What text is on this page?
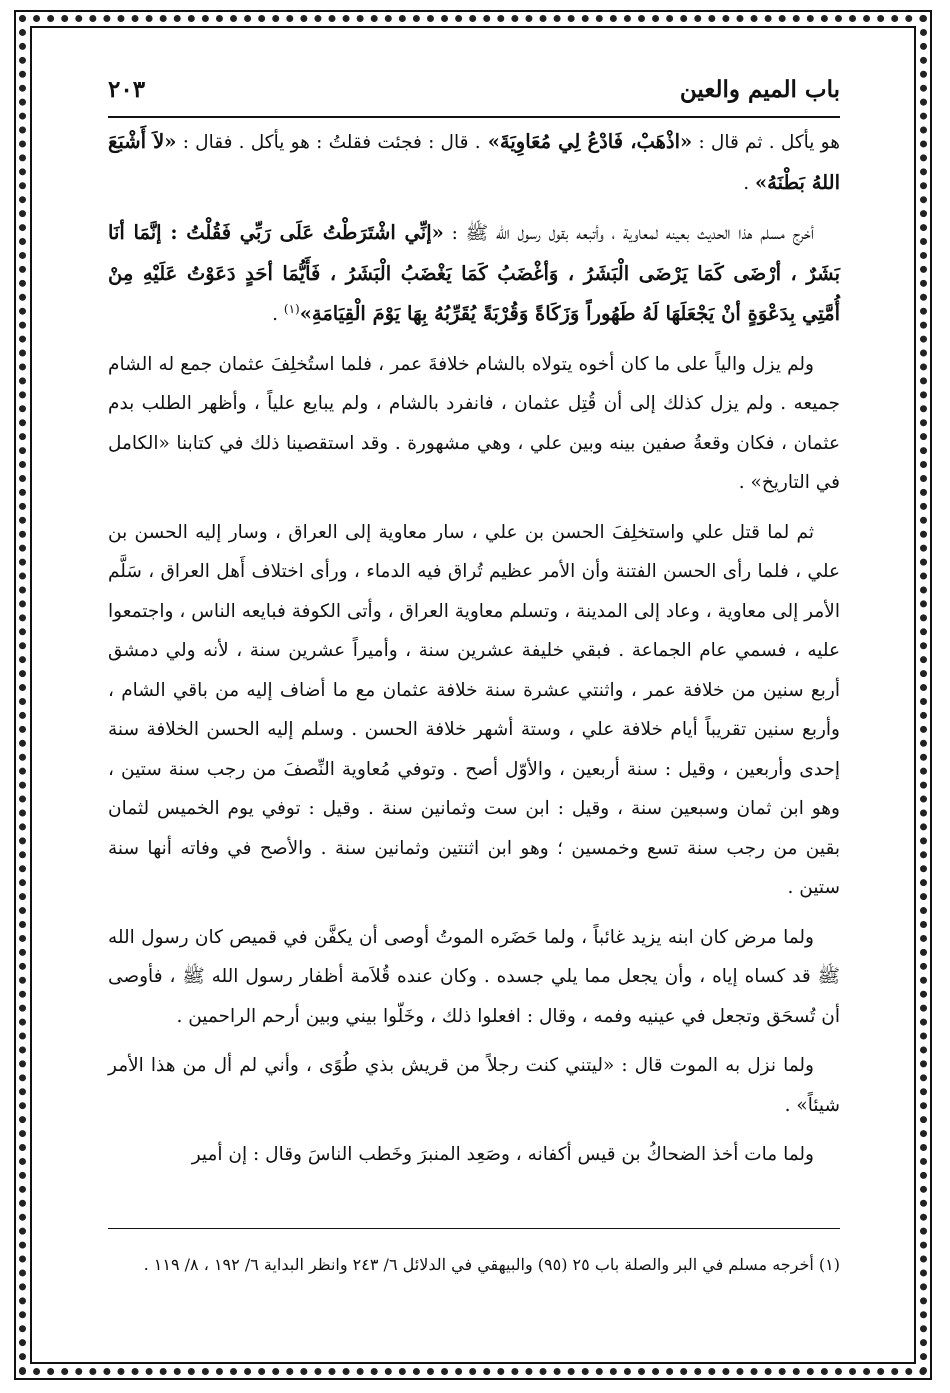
باب الميم والعين
٢٠٣

هو يأكل . ثم قال : «اذْهَبْ، فَادْعُ لِي مُعَاوِيَةَ» . قال : فجئت فقلتُ : هو يأكل . فقال : «لاَ أَشْبَعَ اللهُ بَطْنَهُ» .

أخرج مسلم هذا الحديث بعينه لمعاوية ، وأتبعه بقول رسول الله ﷺ : «إنِّي اشْتَرَطْتُ عَلَى رَبِّي فَقُلْتُ : إنَّمَا أنَا بَشَرٌ ، أرْضَى كَمَا يَرْضَى الْبَشَرُ ، وَأغْضَبُ كَمَا يَغْضَبُ الْبَشَرُ ، فَأَيُّمَا أحَدٍ دَعَوْتُ عَلَيْهِ مِنْ أُمَّتِي بِدَعْوَةٍ أنْ يَجْعَلَهَا لَهُ طَهُوراً وَزَكَاةً وَقُرْبَةً يُقَرِّبُهُ بِهَا يَوْمَ الْقِيَامَةِ»$^{(١)}$ .

ولم يزل والياً على ما كان أخوه يتولاه بالشام خلافةَ عمر ، فلما استُخلِفَ عثمان جمع له الشام جميعه . ولم يزل كذلك إلى أن قُتِل عثمان ، فانفرد بالشام ، ولم يبايع علياً ، وأظهر الطلب بدم عثمان ، فكان وقعةُ صفين بينه وبين علي ، وهي مشهورة . وقد استقصينا ذلك في كتابنا «الكامل في التاريخ» .

ثم لما قتل علي واستخلِفَ الحسن بن علي ، سار معاوية إلى العراق ، وسار إليه الحسن بن علي ، فلما رأى الحسن الفتنة وأن الأمر عظيم تُراق فيه الدماء ، ورأى اختلاف أَهل العراق ، سَلَّم الأمر إلى معاوية ، وعاد إلى المدينة ، وتسلم معاوية العراق ، وأتى الكوفة فبايعه الناس ، واجتمعوا عليه ، فسمي عام الجماعة . فبقي خليفة عشرين سنة ، وأميراً عشرين سنة ، لأنه ولي دمشق أربع سنين من خلافة عمر ، واثنتي عشرة سنة خلافة عثمان مع ما أضاف إليه من باقي الشام ، وأربع سنين تقريباً أيام خلافة علي ، وستة أشهر خلافة الحسن . وسلم إليه الحسن الخلافة سنة إحدى وأربعين ، وقيل : سنة أربعين ، والأوّل أصح . وتوفي مُعاوية النِّصفَ من رجب سنة ستين ، وهو ابن ثمان وسبعين سنة ، وقيل : ابن ست وثمانين سنة . وقيل : توفي يوم الخميس لثمان بقين من رجب سنة تسع وخمسين ؛ وهو ابن اثنتين وثمانين سنة . والأصح في وفاته أنها سنة ستين .

ولما مرض كان ابنه يزيد غائباً ، ولما حَضَره الموتُ أوصى أن يكفَّن في قميص كان رسول الله ﷺ قد كساه إياه ، وأن يجعل مما يلي جسده . وكان عنده قُلاَمة أظفار رسول الله ﷺ ، فأوصى أن تُسحَق وتجعل في عينيه وفمه ، وقال : افعلوا ذلك ، وخَلّوا بيني وبين أرحم الراحمين .

ولما نزل به الموت قال : «ليتني كنت رجلاً من قريش بذي طُوًى ، وأني لم أل من هذا الأمر شيئاً» .

ولما مات أخذ الضحاكُ بن قيس أكفانه ، وصَعِد المنبرَ وخَطب الناسَ وقال : إن أمير

(١) أخرجه مسلم في البر والصلة باب ٢٥ (٩٥) والبيهقي في الدلائل ٦/ ٢٤٣ وانظر البداية ٦/ ١٩٢ ، ٨/ ١١٩ .
